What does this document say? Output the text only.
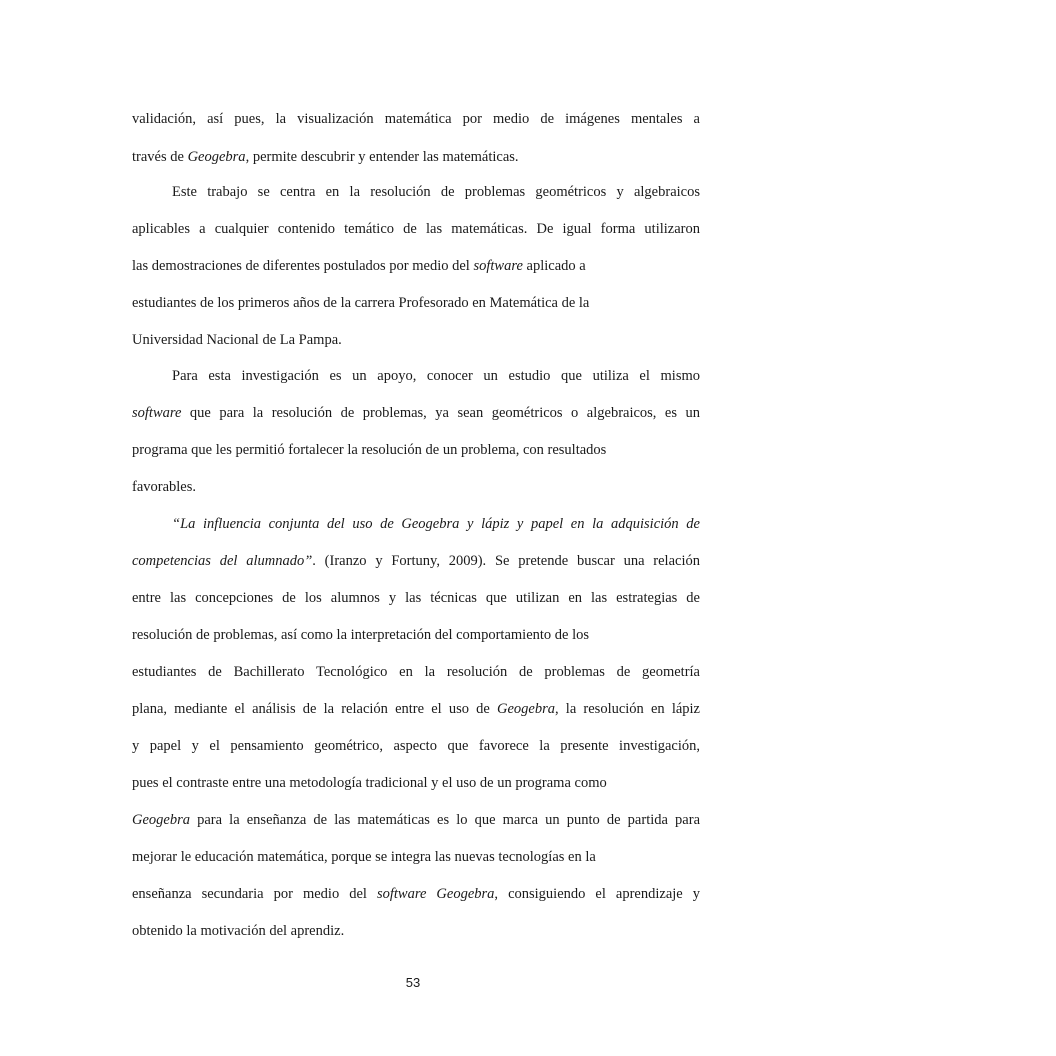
validación, así pues, la visualización matemática por medio de imágenes mentales a
través de Geogebra, permite descubrir y entender las matemáticas.
Este trabajo se centra en la resolución de problemas geométricos y algebraicos
aplicables a cualquier contenido temático de las matemáticas. De igual forma utilizaron
las demostraciones de diferentes postulados por medio del software aplicado a
estudiantes de los primeros años de la carrera Profesorado en Matemática de la
Universidad Nacional de La Pampa.
Para esta investigación es un apoyo, conocer un estudio que utiliza el mismo
software que para la resolución de problemas, ya sean geométricos o algebraicos, es un
programa que les permitió fortalecer la resolución de un problema, con resultados
favorables.
“La influencia conjunta del uso de Geogebra y lápiz y papel en la adquisición de
competencias del alumnado”. (Iranzo y Fortuny, 2009). Se pretende buscar una relación
entre las concepciones de los alumnos y las técnicas que utilizan en las estrategias de
resolución de problemas, así como la interpretación del comportamiento de los
estudiantes de Bachillerato Tecnológico en la resolución de problemas de geometría
plana, mediante el análisis de la relación entre el uso de Geogebra, la resolución en lápiz
y papel y el pensamiento geométrico, aspecto que favorece la presente investigación,
pues el contraste entre una metodología tradicional y el uso de un programa como
Geogebra para la enseñanza de las matemáticas es lo que marca un punto de partida para
mejorar le educación matemática, porque se integra las nuevas tecnologías en la
enseñanza secundaria por medio del software Geogebra, consiguiendo el aprendizaje y
obtenido la motivación del aprendiz.
53
